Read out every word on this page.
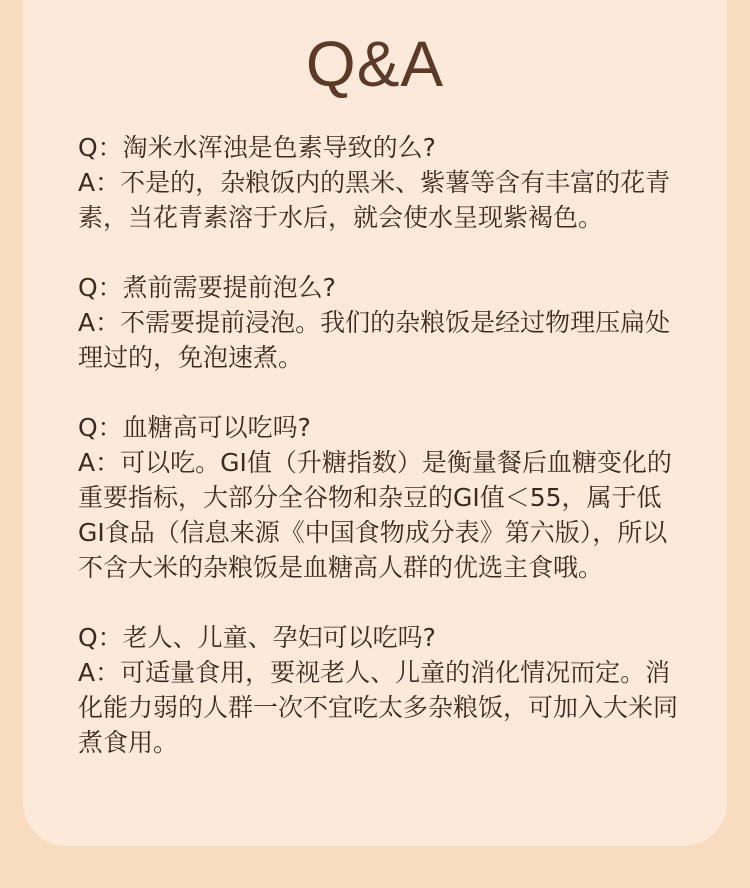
Q&A
Q：淘米水浑浊是色素导致的么?
A：不是的，杂粮饭内的黑米、紫薯等含有丰富的花青素，当花青素溶于水后，就会使水呈现紫褐色。
Q：煮前需要提前泡么?
A：不需要提前浸泡。我们的杂粮饭是经过物理压扁处理过的，免泡速煮。
Q：血糖高可以吃吗?
A：可以吃。GI值（升糖指数）是衡量餐后血糖变化的重要指标，大部分全谷物和杂豆的GI值＜55，属于低GI食品（信息来源《中国食物成分表》第六版），所以不含大米的杂粮饭是血糖高人群的优选主食哦。
Q：老人、儿童、孕妇可以吃吗?
A：可适量食用，要视老人、儿童的消化情况而定。消化能力弱的人群一次不宜吃太多杂粮饭，可加入大米同煮食用。
